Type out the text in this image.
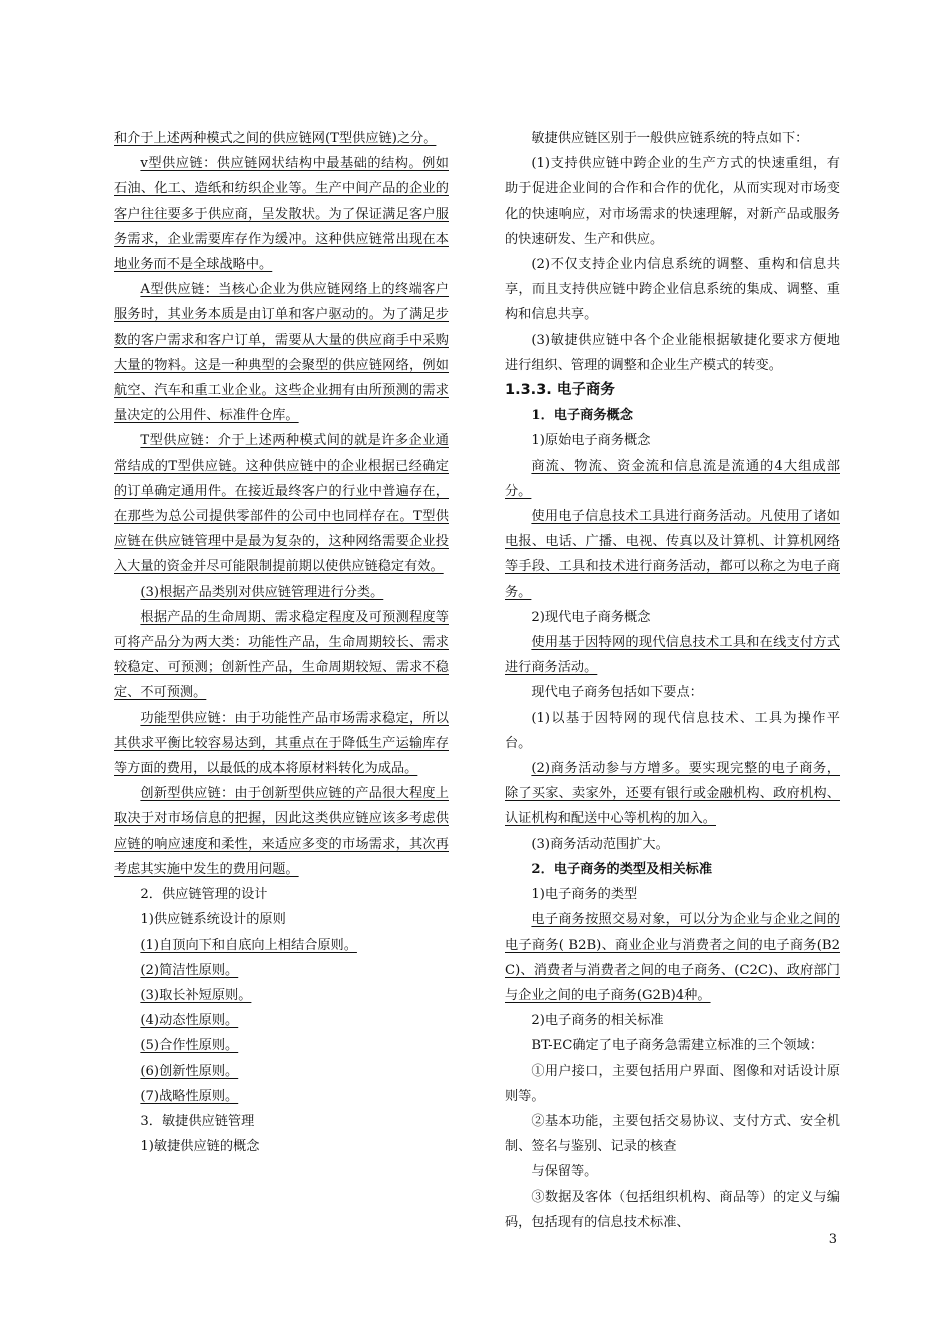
和介于上述两种模式之间的供应链网(T型供应链)之分。

v型供应链：供应链网状结构中最基础的结构。例如石油、化工、造纸和纺织企业等。生产中间产品的企业的客户往往要多于供应商，呈发散状。为了保证满足客户服务需求，企业需要库存作为缓冲。这种供应链常出现在本地业务而不是全球战略中。

A型供应链：当核心企业为供应链网络上的终端客户服务时，其业务本质是由订单和客户驱动的。为了满足步数的客户需求和客户订单，需要从大量的供应商手中采购大量的物料。这是一种典型的会聚型的供应链网络，例如航空、汽车和重工业企业。这些企业拥有由所预测的需求量决定的公用件、标准件仓库。

T型供应链：介于上述两种模式间的就是许多企业通常结成的T型供应链。这种供应链中的企业根据已经确定的订单确定通用件。在接近最终客户的行业中普遍存在，在那些为总公司提供零部件的公司中也同样存在。T型供应链在供应链管理中是最为复杂的，这种网络需要企业投入大量的资金并尽可能限制提前期以使供应链稳定有效。

(3)根据产品类别对供应链管理进行分类。

根据产品的生命周期、需求稳定程度及可预测程度等可将产品分为两大类：功能性产品，生命周期较长、需求较稳定、可预测；创新性产品，生命周期较短、需求不稳定、不可预测。

功能型供应链：由于功能性产品市场需求稳定，所以其供求平衡比较容易达到，其重点在于降低生产运输库存等方面的费用，以最低的成本将原材料转化为成品。

创新型供应链：由于创新型供应链的产品很大程度上取决于对市场信息的把握，因此这类供应链应该多考虑供应链的响应速度和柔性，来适应多变的市场需求，其次再考虑其实施中发生的费用问题。

2．供应链管理的设计

1)供应链系统设计的原则

(1)自顶向下和自底向上相结合原则。

(2)简洁性原则。

(3)取长补短原则。

(4)动态性原则。

(5)合作性原则。

(6)创新性原则。

(7)战略性原则。

3．敏捷供应链管理

1)敏捷供应链的概念

敏捷供应链区别于一般供应链系统的特点如下：

(1)支持供应链中跨企业的生产方式的快速重组，有助于促进企业间的合作和合作的优化，从而实现对市场变化的快速响应，对市场需求的快速理解，对新产品或服务的快速研发、生产和供应。

(2)不仅支持企业内信息系统的调整、重构和信息共享，而且支持供应链中跨企业信息系统的集成、调整、重构和信息共享。

(3)敏捷供应链中各个企业能根据敏捷化要求方便地进行组织、管理的调整和企业生产模式的转变。

1.3.3. 电子商务

1．电子商务概念

1)原始电子商务概念

商流、物流、资金流和信息流是流通的4大组成部分。

使用电子信息技术工具进行商务活动。凡使用了诸如电报、电话、广播、电视、传真以及计算机、计算机网络等手段、工具和技术进行商务活动，都可以称之为电子商务。

2)现代电子商务概念

使用基于因特网的现代信息技术工具和在线支付方式进行商务活动。

现代电子商务包括如下要点：

(1)以基于因特网的现代信息技术、工具为操作平台。

(2)商务活动参与方增多。要实现完整的电子商务，除了买家、卖家外，还要有银行或金融机构、政府机构、认证机构和配送中心等机构的加入。

(3)商务活动范围扩大。

2．电子商务的类型及相关标准

1)电子商务的类型

电子商务按照交易对象，可以分为企业与企业之间的电子商务( B2B)、商业企业与消费者之间的电子商务(B2C)、消费者与消费者之间的电子商务、(C2C)、政府部门与企业之间的电子商务(G2B)4种。

2)电子商务的相关标准

BT-EC确定了电子商务急需建立标准的三个领域：

①用户接口，主要包括用户界面、图像和对话设计原则等。

②基本功能，主要包括交易协议、支付方式、安全机制、签名与鉴别、记录的核查

与保留等。

③数据及客体（包括组织机构、商品等）的定义与编码，包括现有的信息技术标准、

3
